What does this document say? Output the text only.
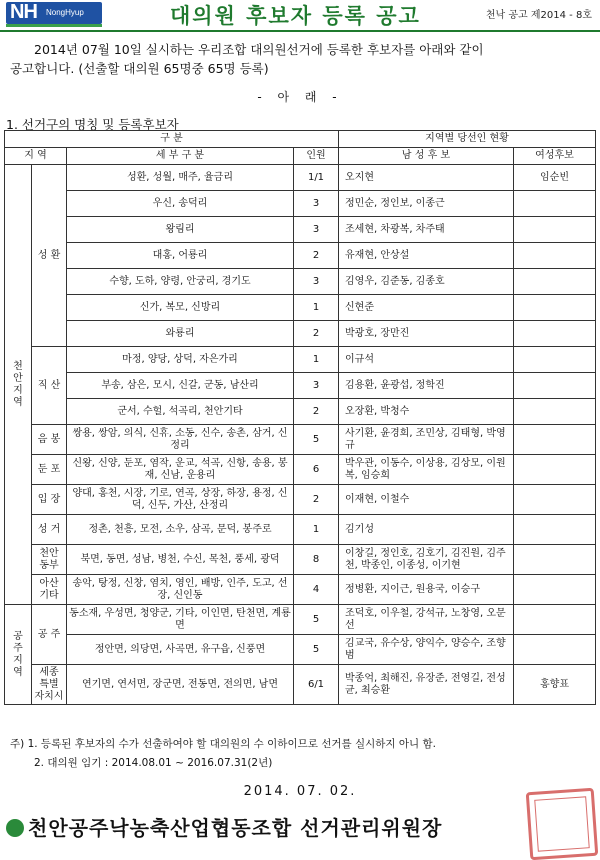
NH NongHyup	대의원 후보자 등록 공고	천낙 공고 제2014 - 8호

2014년 07월 10일 실시하는 우리조합 대의원선거에 등록한 후보자를 아래와 같이

공고합니다. (선출할 대의원 65명중 65명 등록)
- 아 래 -
1. 선거구의 명칭 및 등록후보자
구 분				지역별 당선인 현황	
지 역		세 부 구 분	인원	남 성 후 보	여성후보
천 안 지 역	성 환	성환, 성월, 매주, 율금리	1/1	오지현	임순빈
		우신, 송덕리	3	정민순, 정인보, 이종근	
		왕림리	3	조세현, 차광복, 차주태	
		대홍, 어룡리	2	유재현, 안상설	
		수향, 도하, 양령, 안궁리, 경기도	3	김영우, 김준동, 김종호	
		신가, 복모, 신방리	1	신현준	
		와룡리	2	박광호, 장만진	
	직 산	마정, 양당, 상덕, 자은가리	1	이규석	
		부송, 삼은, 모시, 신갈, 군동, 남산리	3	김용환, 윤광섭, 정학진	
		군서, 수헐, 석곡리, 천안기타	2	오장환, 박청수	
	음 봉	쌍용, 쌍암, 의식, 신휴, 소동, 신수, 송촌, 삼거, 신정리	5	사기환, 윤경희, 조민상, 김태형, 박영규	
	둔 포	신왕, 신양, 둔포, 염작, 운교, 석곡, 신항, 송용, 봉재, 신남, 운용리	6	박우관, 이동수, 이상용, 김상모, 이원복, 임승희	
	입 장	양대, 홍천, 시장, 기로, 연곡, 상장, 하장, 용정, 신덕, 신두, 가산, 산정리	2	이재현, 이철수	
	성 거	정촌, 천흥, 모전, 소우, 삼곡, 문덕, 봉주로	1	김기성	
	천안 동부	북면, 동면, 성남, 병천, 수신, 목천, 풍세, 광덕	8	이창길, 정인호, 김호기, 김진원, 김주천, 박종인, 이종성, 이기현	
	아산 기타	송악, 탕정, 신창, 염치, 영인, 배방, 인주, 도고, 선장, 신인동	4	정병환, 지이근, 원용국, 이승구	
공 주 지 역	공 주	동소재, 우성면, 청양군, 기타, 이인면, 탄천면, 계룡면	5	조덕호, 이우철, 강석규, 노창영, 오문선	
		정안면, 의당면, 사곡면, 유구읍, 신풍면	5	김교국, 유수상, 양익수, 양승수, 조향범	
	세종 특별 자치시	연기면, 연서면, 장군면, 전동면, 전의면, 남면	6/1	박종억, 최해진, 유장준, 전영길, 전성균, 최승환	홍향표
주) 1. 등록된 후보자의 수가 선출하여야 할 대의원의 수 이하이므로 선거를 실시하지 아니 함.
2. 대의원 임기 : 2014.08.01 ~ 2016.07.31(2년)
2014. 07. 02.
천안공주낙농축산업협동조합 선거관리위원장
